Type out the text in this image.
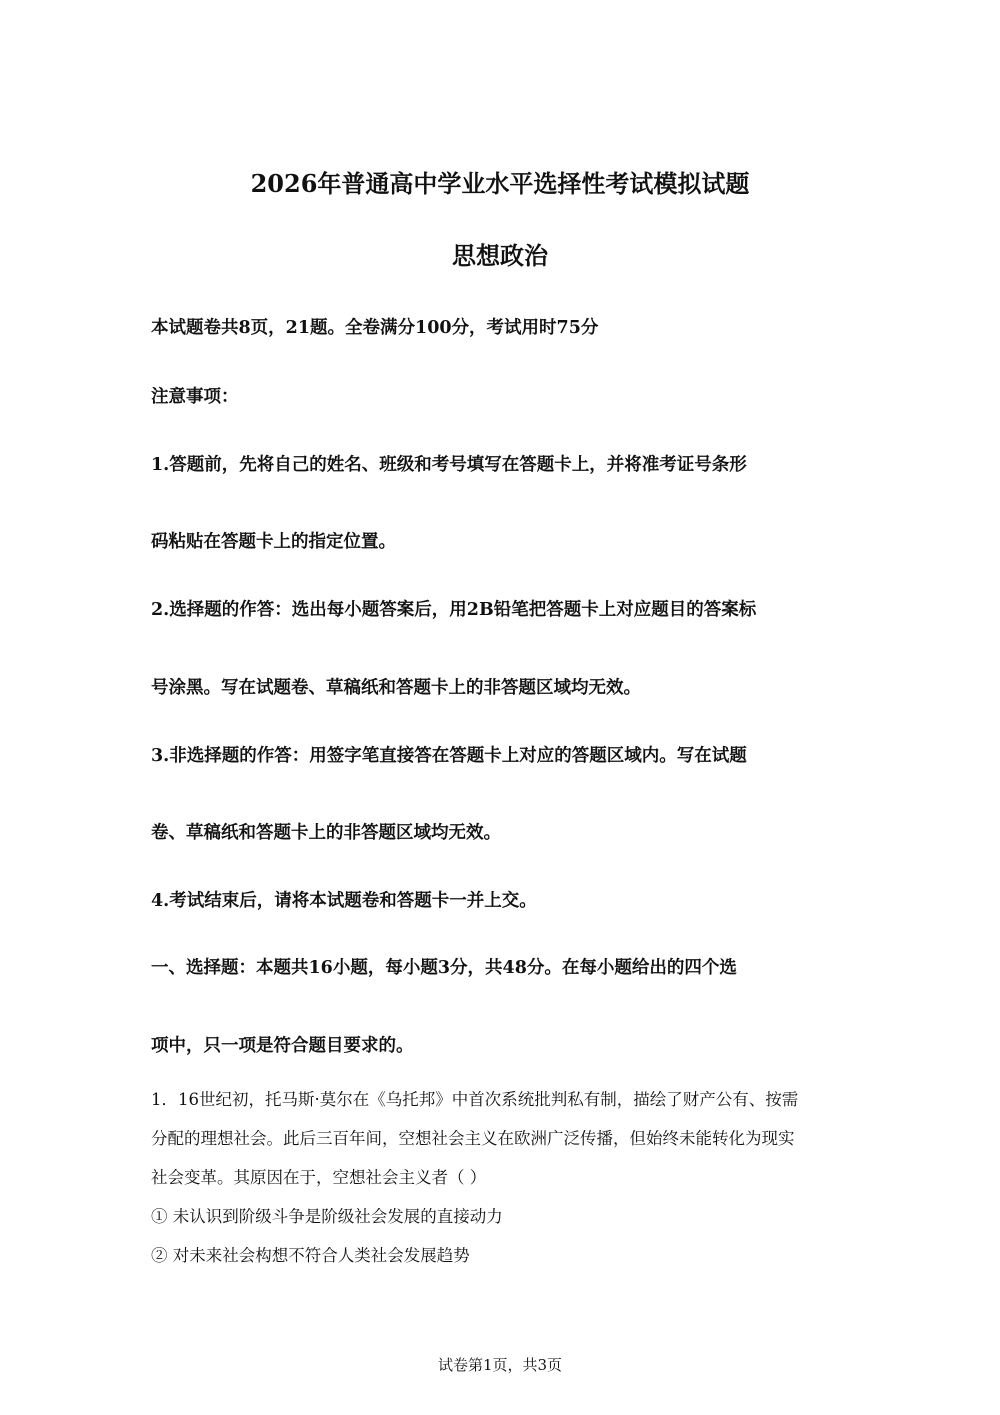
2026年普通高中学业水平选择性考试模拟试题
思想政治

本试题卷共8页，21题。全卷满分100分，考试用时75分

注意事项：

1.答题前，先将自己的姓名、班级和考号填写在答题卡上，并将准考证号条形

码粘贴在答题卡上的指定位置。

2.选择题的作答：选出每小题答案后，用2B铅笔把答题卡上对应题目的答案标

号涂黑。写在试题卷、草稿纸和答题卡上的非答题区域均无效。

3.非选择题的作答：用签字笔直接答在答题卡上对应的答题区域内。写在试题

卷、草稿纸和答题卡上的非答题区域均无效。

4.考试结束后，请将本试题卷和答题卡一并上交。

一、选择题：本题共16小题，每小题3分，共48分。在每小题给出的四个选

项中，只一项是符合题目要求的。

1．16世纪初，托马斯·莫尔在《乌托邦》中首次系统批判私有制，描绘了财产公有、按需

分配的理想社会。此后三百年间，空想社会主义在欧洲广泛传播，但始终未能转化为现实

社会变革。其原因在于，空想社会主义者（ ）

① 未认识到阶级斗争是阶级社会发展的直接动力

② 对未来社会构想不符合人类社会发展趋势

试卷第1页，共3页
